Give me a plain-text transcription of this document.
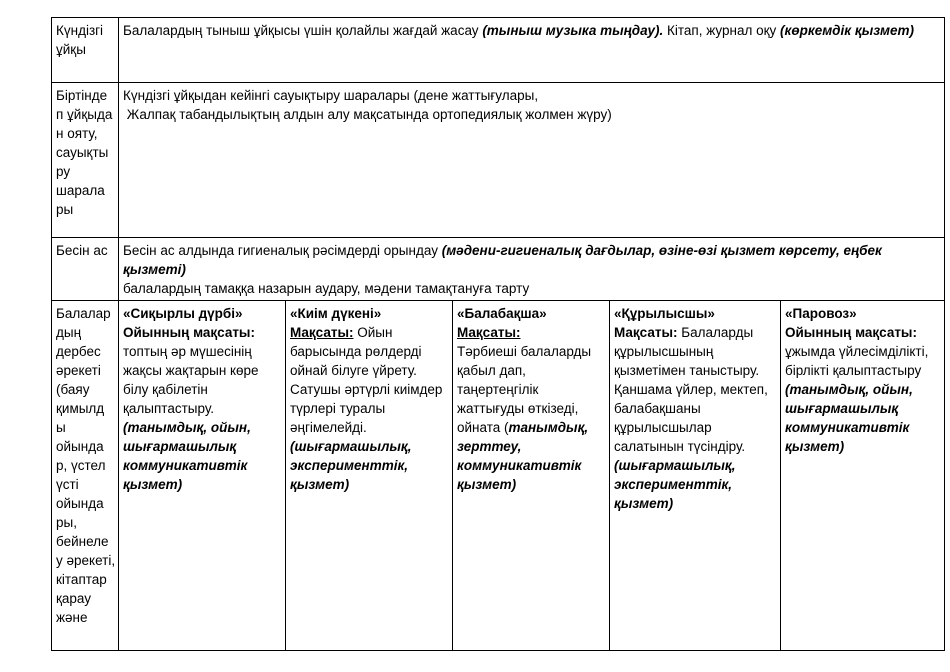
Күндізгі ұйқы	Балалардың тыныш ұйқысы үшін қолайлы жағдай жасау (тыныш музыка тыңдау). Кітап, журнал оқу (көркемдік қызмет)				
Біртінде п ұйқыда н ояту, сауықты ру шарала ры	Күндізгі ұйқыдан кейінгі сауықтыру шаралары (дене жаттығулары,
Жалпақ табандылықтың алдын алу мақсатында ортопедиялық жолмен жүру)				

Бесін ас	Бесін ас алдында гигиеналық рәсімдерді орындау (мәдени-гигиеналық дағдылар, өзіне-өзі қызмет көрсету, еңбек қызметі)
балалардың тамаққа назарын аудару, мәдени тамақтануға тарту				

Балалар дың дербес әрекеті (баяу қимылд ы ойында р, үстел үсті ойында ры, бейнеле у әрекеті, кітаптар қарау және	«Сиқырлы дүрбі»
Ойынның мақсаты: топтың әр мүшесінің жақсы жақтарын көре білу қабілетін қалыптастыру.
(танымдық, ойын, шығармашылық коммуникативтік қызмет)	«Киім дүкені»
Мақсаты: Ойын барысында рөлдерді ойнай білуге үйрету. Сатушы әртүрлі киімдер түрлері туралы әңгімелейді.
(шығармашылық, эксперименттік, қызмет)	«Балабақша»
Мақсаты:
Тәрбиеші балаларды қабыл дап, таңертеңгілік жаттығуды өткізеді, ойната (танымдық, зерттеу, коммуникативтік қызмет)	«Құрылысшы»
Мақсаты: Балаларды құрылысшының қызметімен таныстыру. Қаншама үйлер, мектеп, балабақшаны құрылысшылар салатынын түсіндіру.
(шығармашылық, эксперименттік, қызмет)	«Паровоз»
Ойынның мақсаты: ұжымда үйлесімділікті, бірлікті қалыптастыру
(танымдық, ойын, шығармашылық коммуникативтік қызмет)
